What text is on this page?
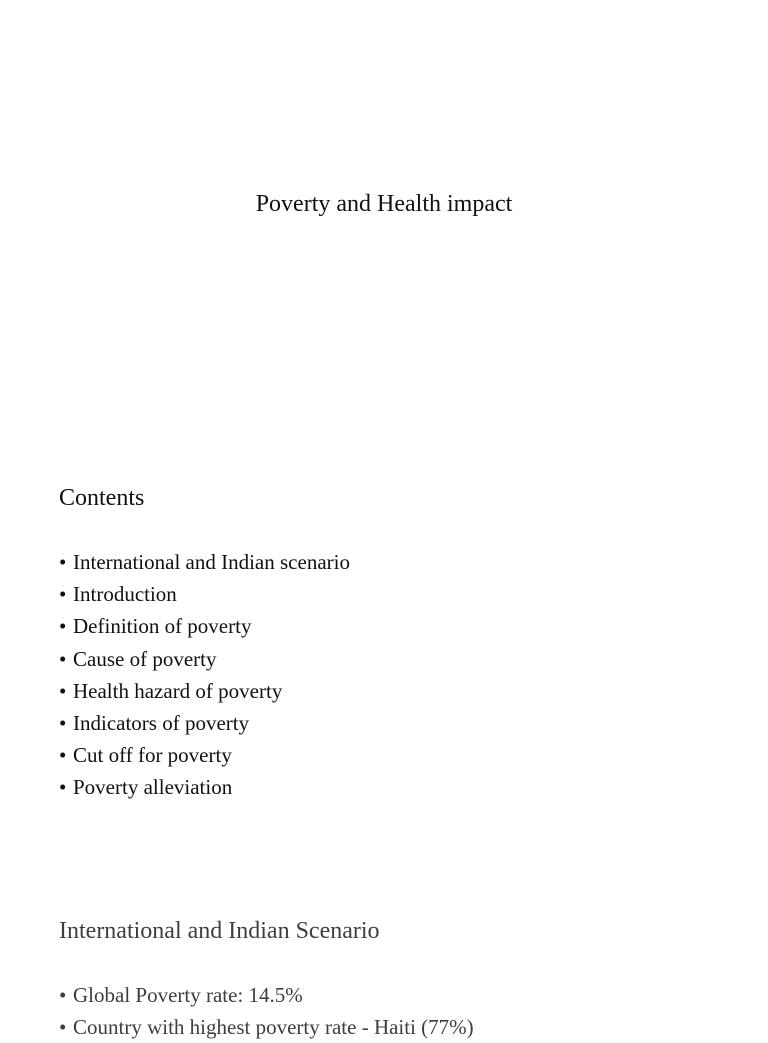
Poverty and Health impact
Contents
• International and Indian scenario
• Introduction
• Definition of poverty
• Cause of poverty
• Health hazard of poverty
• Indicators of poverty
• Cut off for poverty
• Poverty alleviation
International and Indian Scenario
• Global Poverty rate: 14.5%
• Country with highest poverty rate - Haiti (77%)
